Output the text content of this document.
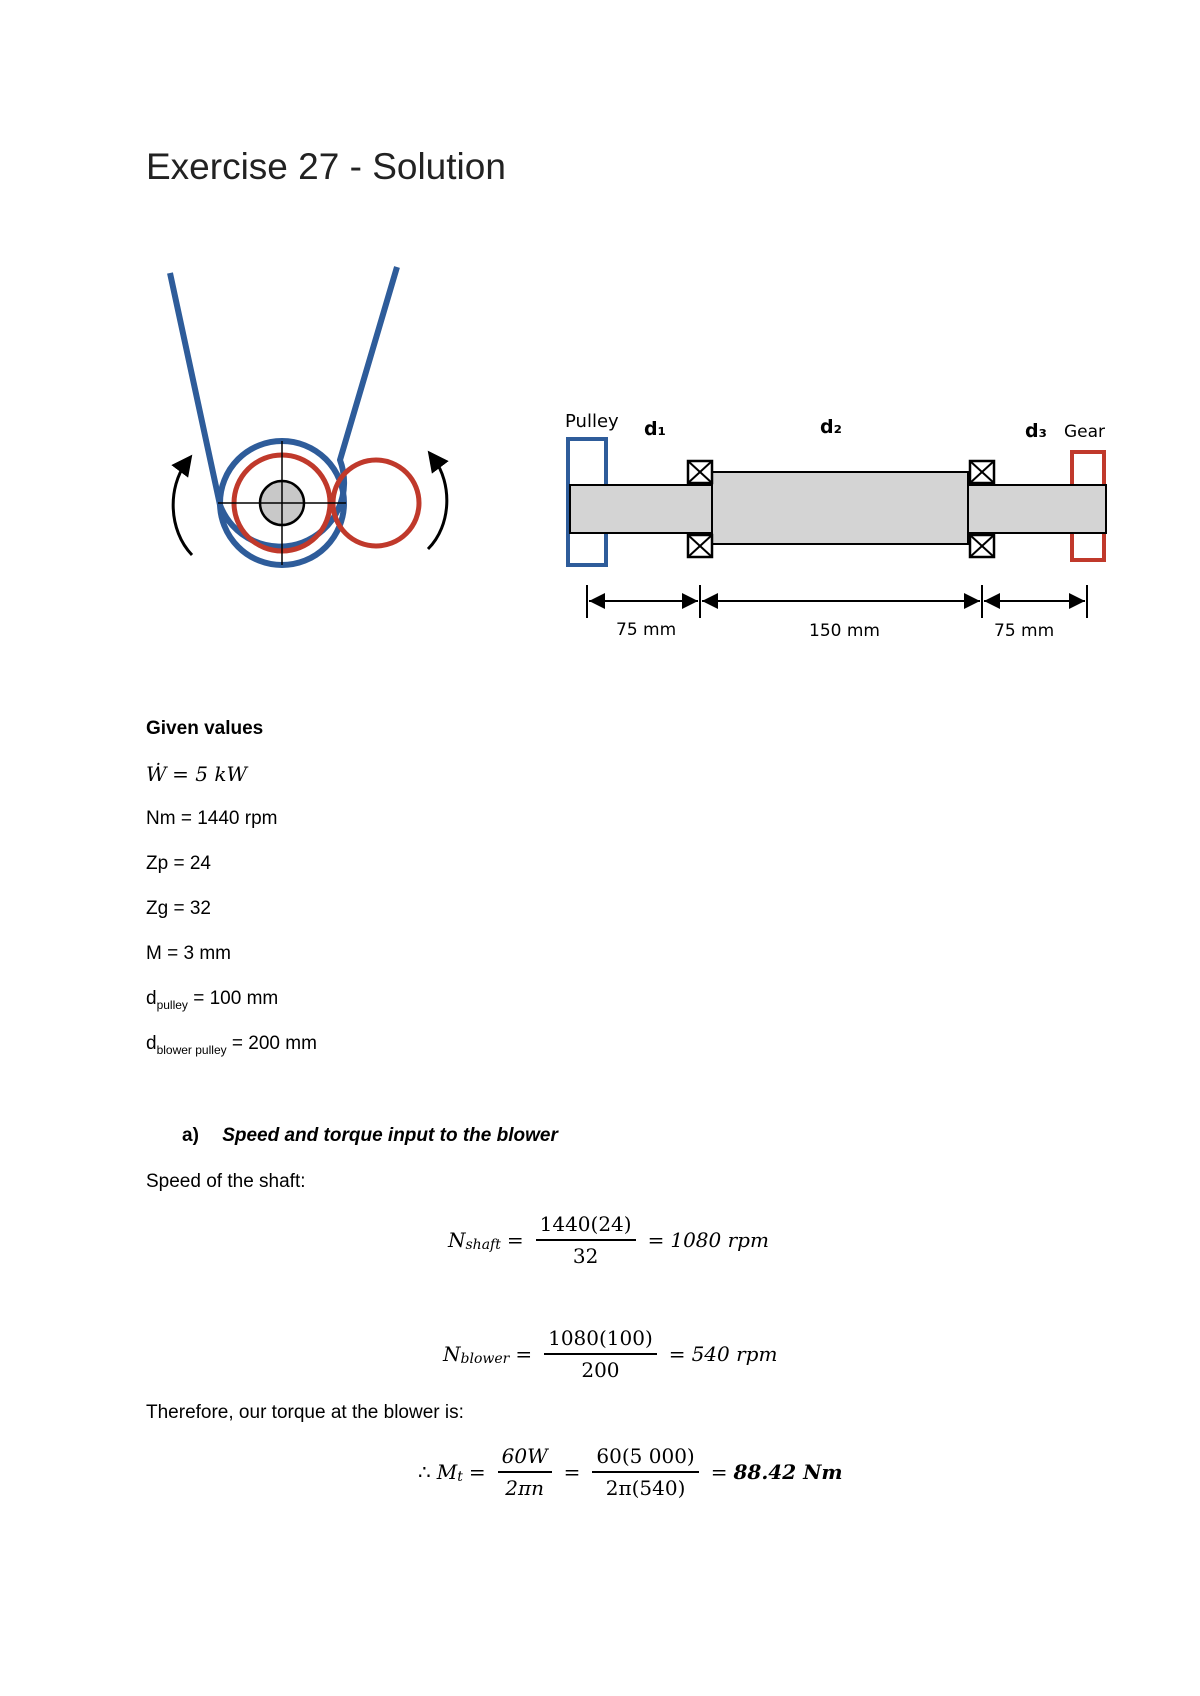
Exercise 27 - Solution
Pulley d₁	d₂	d₃ Gear
75 mm	150 mm	75 mm
Given values
Ẇ = 5 kW
Nm = 1440 rpm
Zp = 24
Zg = 32
M = 3 mm
$d_{pulley} = 100$ mm
$d_{blower pulley} = 200$ mm
a) Speed and torque input to the blower
Speed of the shaft:
N shaft = $\frac{1440(24)}{32} = 1080$ rpm
N blower = $\frac{1080(100)}{200} = 540$ rpm
Therefore, our torque at the blower is:
∴ M $t = \frac{60W}{2\pi n} = \frac{60(5 000)}{2\pi(540)} = 88.42$ Nm
